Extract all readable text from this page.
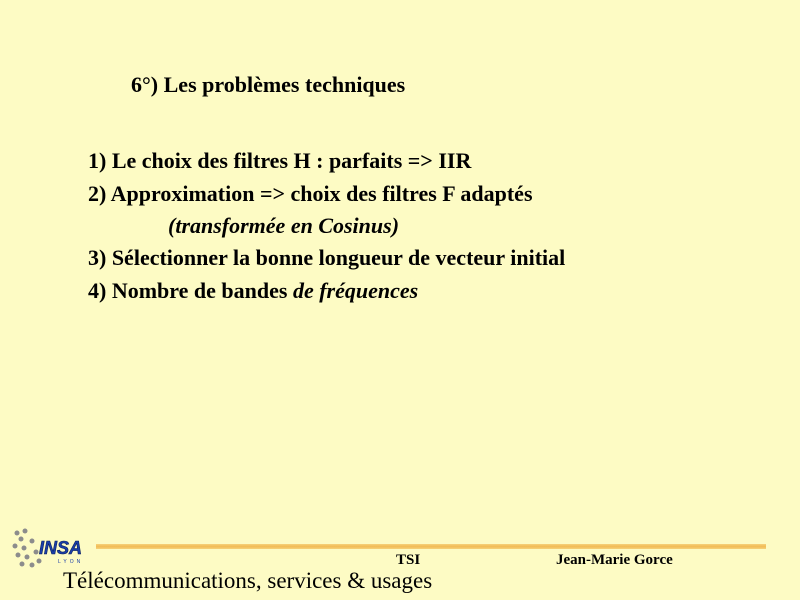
6°) Les problèmes techniques
1) Le choix des filtres H : parfaits => IIR
2) Approximation => choix des filtres F adaptés
(transformée en Cosinus)
3) Sélectionner la bonne longueur de vecteur initial
4) Nombre de bandes de fréquences
INSA
LYON	TSI	Jean-Marie Gorce
Télécommunications, services & usages
